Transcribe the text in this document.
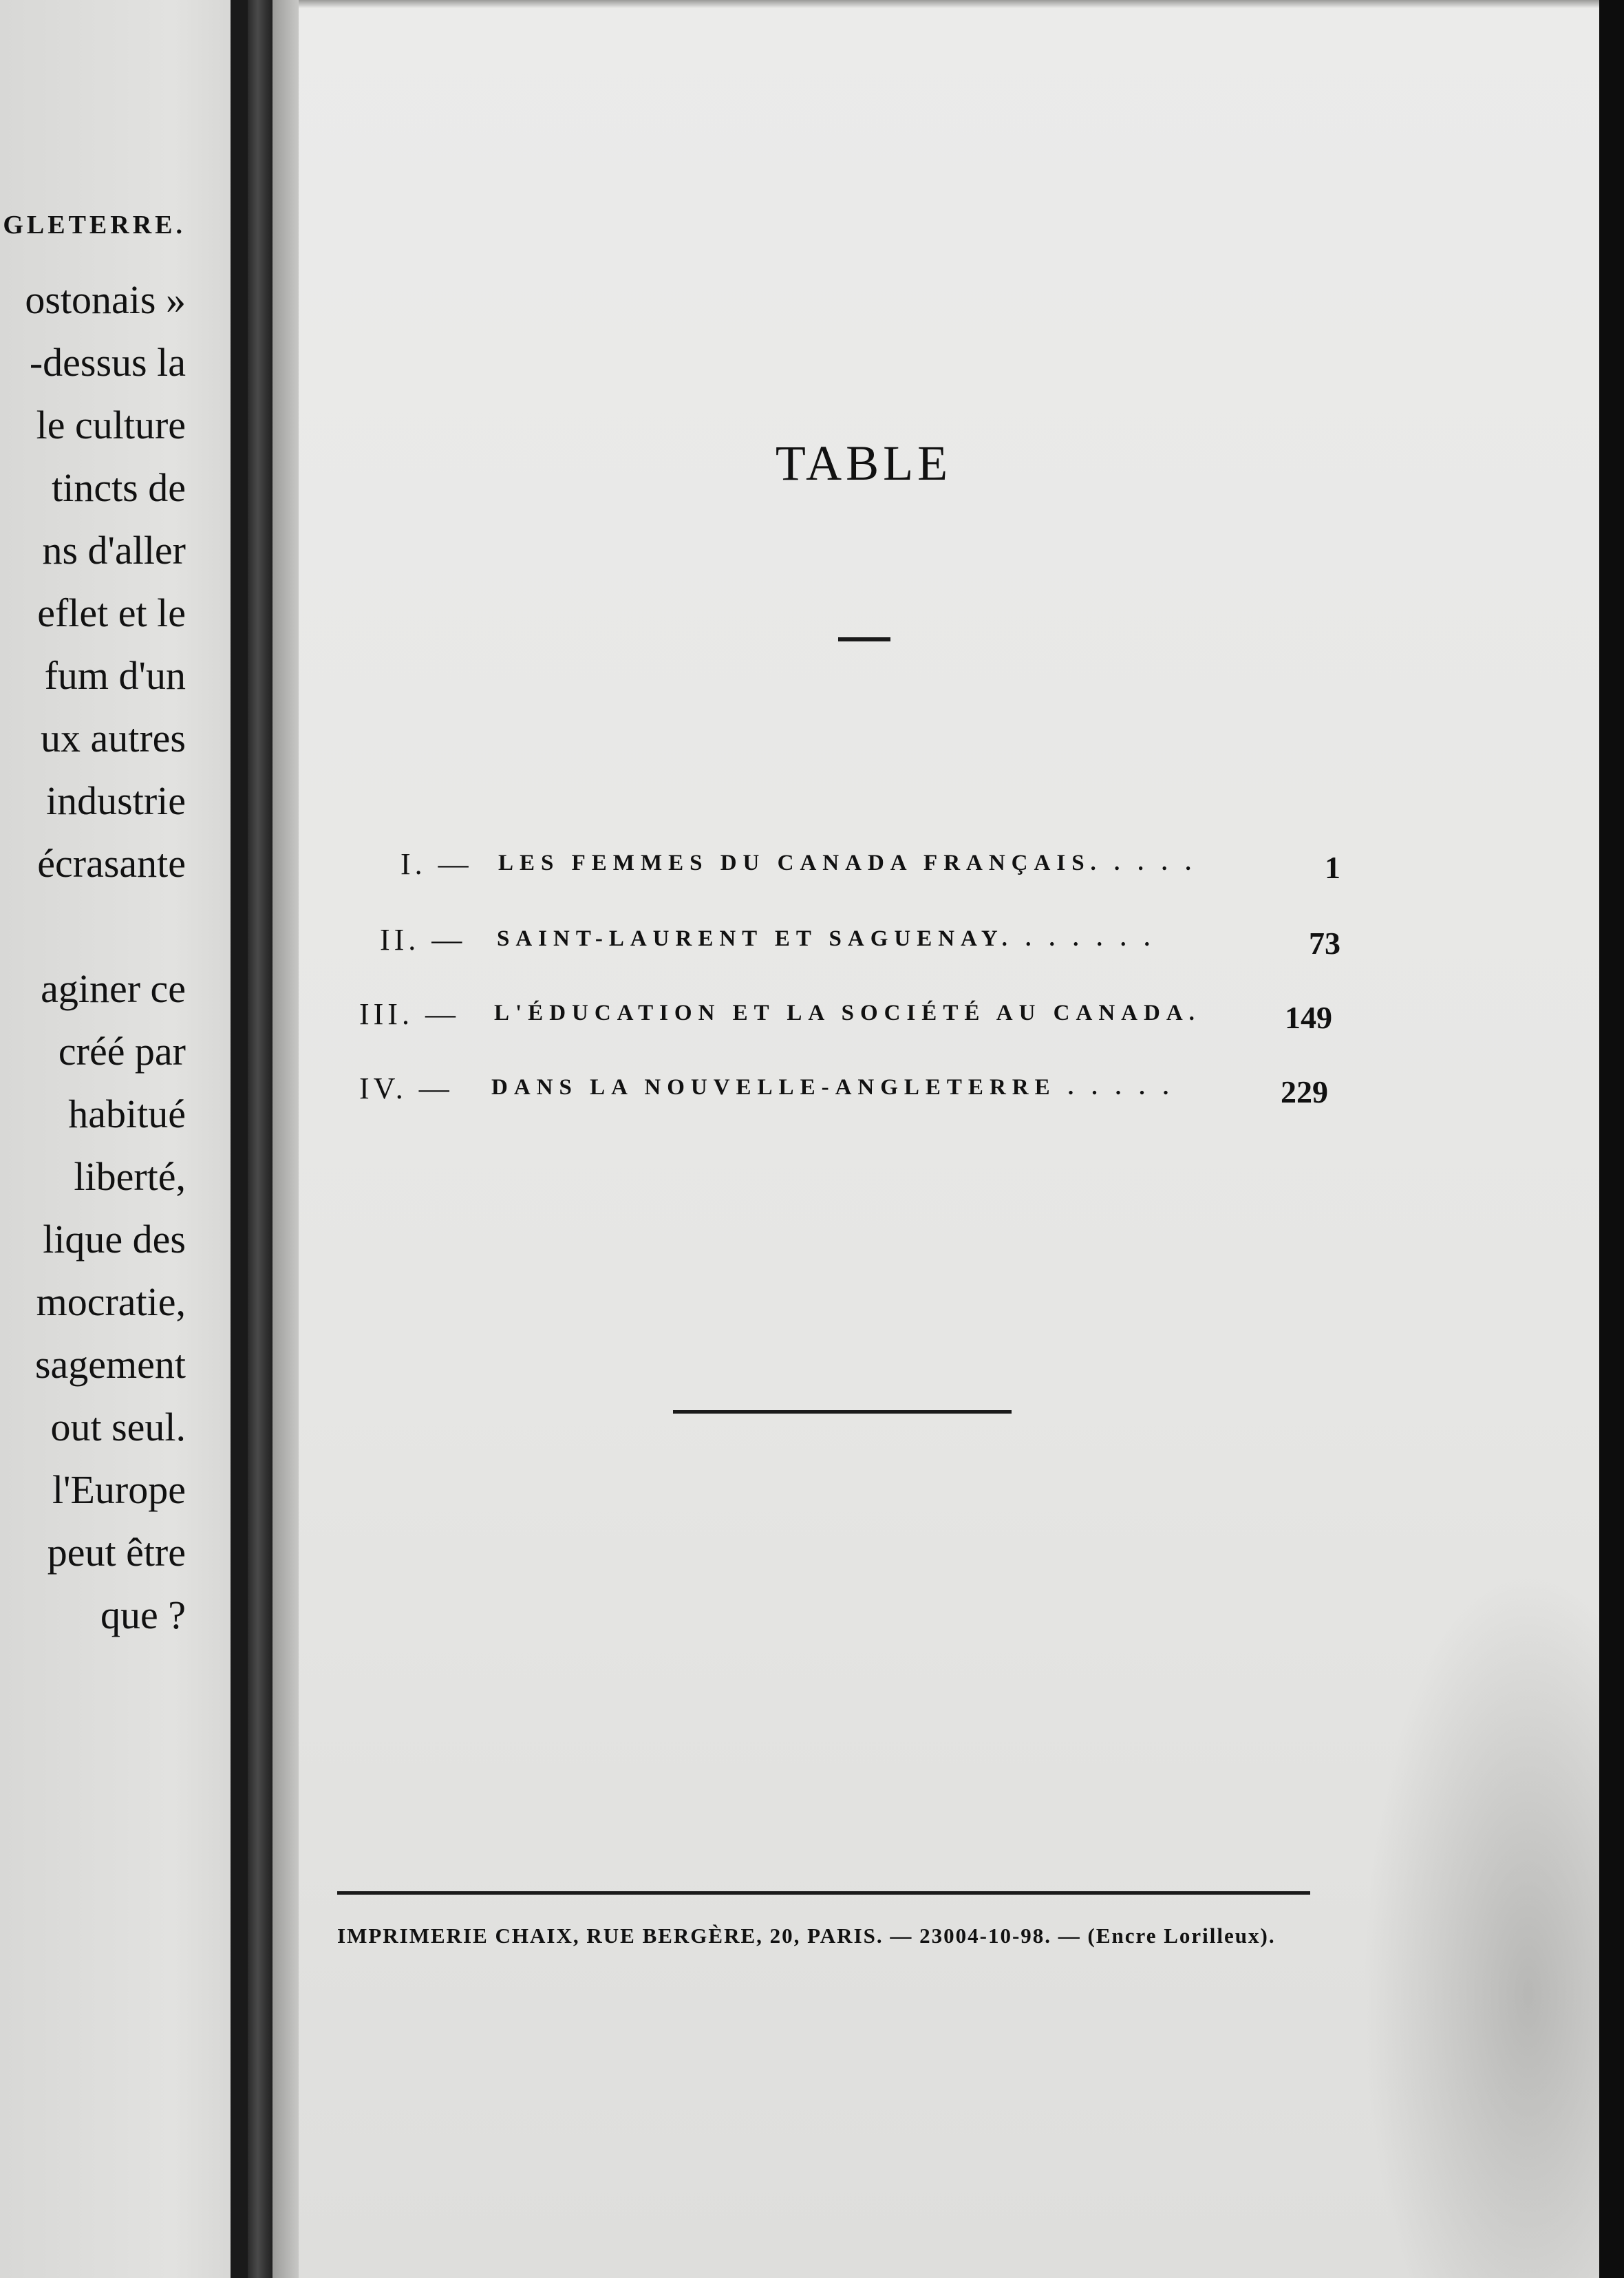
GLETERRE.
ostonais »
-dessus la
le culture
tincts de
ns d'aller
eflet et le
fum d'un
ux autres
industrie
écrasante

aginer ce
créé par
habitué
liberté,
lique des
mocratie,
sagement
out seul.
l'Europe
peut être
que ?
TABLE
I. — LES FEMMES DU CANADA FRANÇAIS. . . . .	1
II. — SAINT-LAURENT ET SAGUENAY. . . . . . .	73
III. — L'ÉDUCATION ET LA SOCIÉTÉ AU CANADA.	149
IV. — DANS LA NOUVELLE-ANGLETERRE . . . . .	229
IMPRIMERIE CHAIX, RUE BERGÈRE, 20, PARIS. — 23004-10-98. — (Encre Lorilleux).
